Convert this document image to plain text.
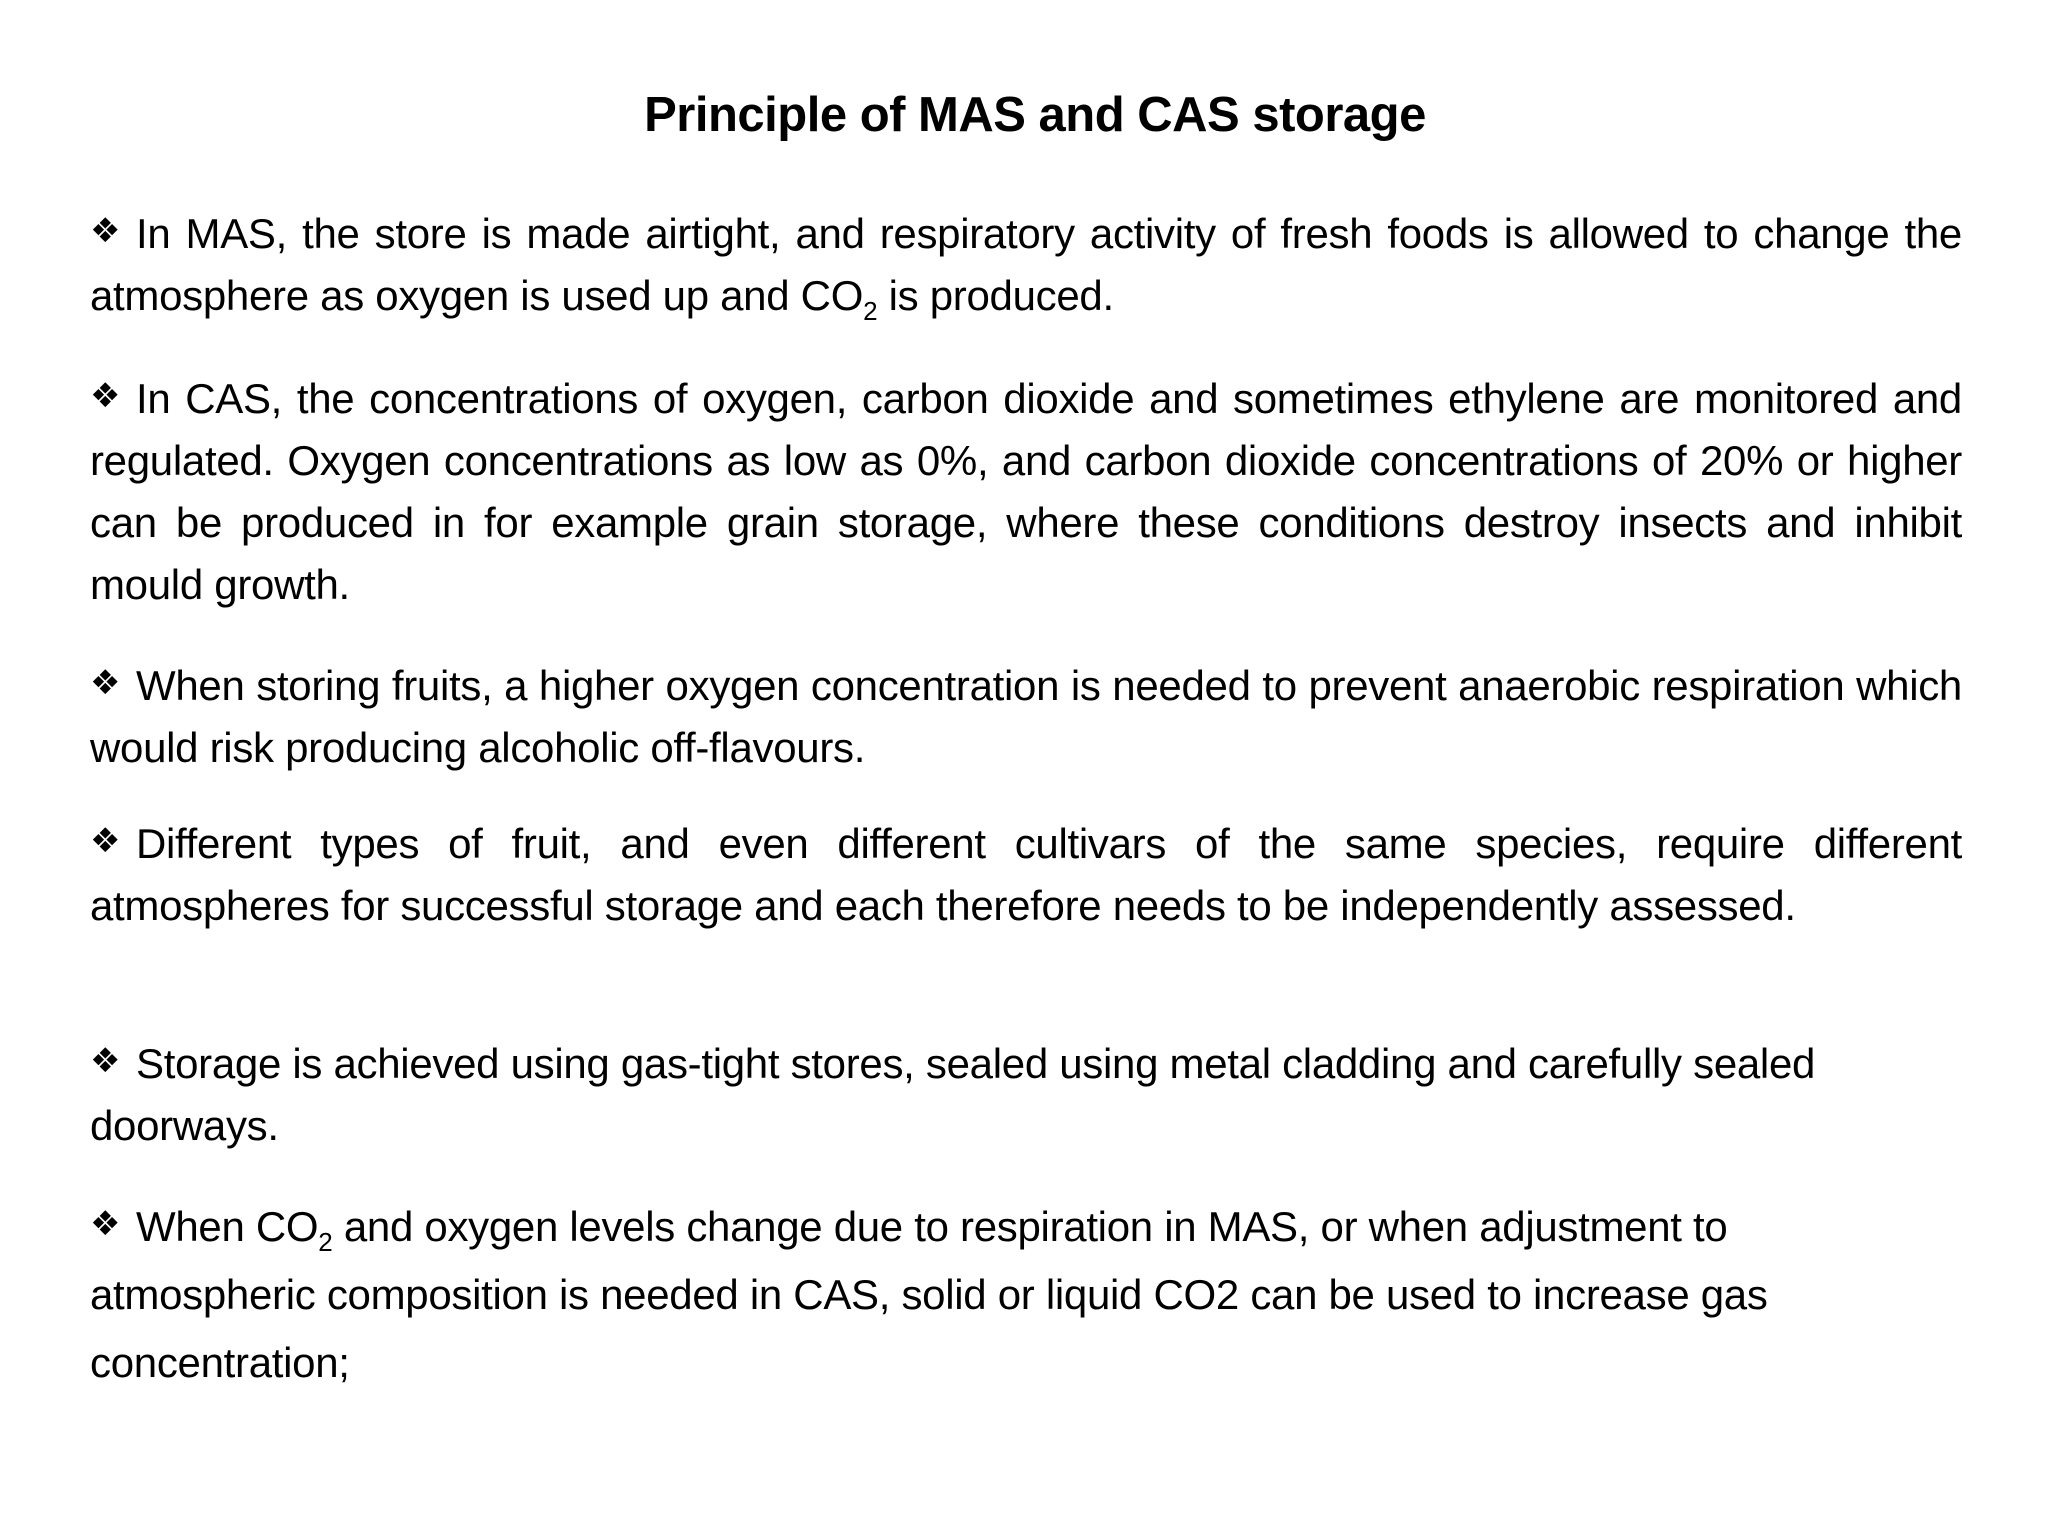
Principle of MAS and CAS storage
❖ In MAS, the store is made airtight, and respiratory activity of fresh foods is allowed to change the atmosphere as oxygen is used up and $CO_2$ is produced.
❖ In CAS, the concentrations of oxygen, carbon dioxide and sometimes ethylene are monitored and regulated. Oxygen concentrations as low as 0%, and carbon dioxide concentrations of 20% or higher can be produced in for example grain storage, where these conditions destroy insects and inhibit mould growth.
❖ When storing fruits, a higher oxygen concentration is needed to prevent anaerobic respiration which would risk producing alcoholic off-flavours.
❖ Different types of fruit, and even different cultivars of the same species, require different atmospheres for successful storage and each therefore needs to be independently assessed.
❖ Storage is achieved using gas-tight stores, sealed using metal cladding and carefully sealed doorways.
❖ When $CO_2$ and oxygen levels change due to respiration in MAS, or when adjustment to atmospheric composition is needed in CAS, solid or liquid CO2 can be used to increase gas concentration;
